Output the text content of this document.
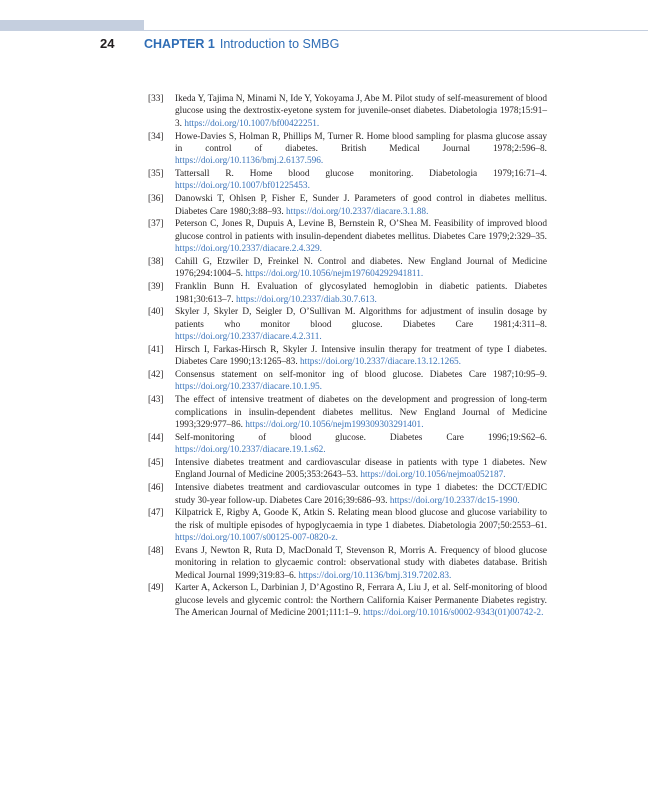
24	CHAPTER 1 Introduction to SMBG
[33] Ikeda Y, Tajima N, Minami N, Ide Y, Yokoyama J, Abe M. Pilot study of self-measurement of blood glucose using the dextrostix-eyetone system for juvenile-onset diabetes. Diabetologia 1978;15:91–3. https://doi.org/10.1007/bf00422251.
[34] Howe-Davies S, Holman R, Phillips M, Turner R. Home blood sampling for plasma glucose assay in control of diabetes. British Medical Journal 1978;2:596–8. https://doi.org/10.1136/bmj.2.6137.596.
[35] Tattersall R. Home blood glucose monitoring. Diabetologia 1979;16:71–4. https://doi.org/10.1007/bf01225453.
[36] Danowski T, Ohlsen P, Fisher E, Sunder J. Parameters of good control in diabetes mellitus. Diabetes Care 1980;3:88–93. https://doi.org/10.2337/diacare.3.1.88.
[37] Peterson C, Jones R, Dupuis A, Levine B, Bernstein R, O’Shea M. Feasibility of improved blood glucose control in patients with insulin-dependent diabetes mellitus. Diabetes Care 1979;2:329–35. https://doi.org/10.2337/diacare.2.4.329.
[38] Cahill G, Etzwiler D, Freinkel N. Control and diabetes. New England Journal of Medicine 1976;294:1004–5. https://doi.org/10.1056/nejm197604292941811.
[39] Franklin Bunn H. Evaluation of glycosylated hemoglobin in diabetic patients. Diabetes 1981;30:613–7. https://doi.org/10.2337/diab.30.7.613.
[40] Skyler J, Skyler D, Seigler D, O’Sullivan M. Algorithms for adjustment of insulin dosage by patients who monitor blood glucose. Diabetes Care 1981;4:311–8. https://doi.org/10.2337/diacare.4.2.311.
[41] Hirsch I, Farkas-Hirsch R, Skyler J. Intensive insulin therapy for treatment of type I diabetes. Diabetes Care 1990;13:1265–83. https://doi.org/10.2337/diacare.13.12.1265.
[42] Consensus statement on self-monitor ing of blood glucose. Diabetes Care 1987;10:95–9. https://doi.org/10.2337/diacare.10.1.95.
[43] The effect of intensive treatment of diabetes on the development and progression of long-term complications in insulin-dependent diabetes mellitus. New England Journal of Medicine 1993;329:977–86. https://doi.org/10.1056/nejm199309303291401.
[44] Self-monitoring of blood glucose. Diabetes Care 1996;19:S62–6. https://doi.org/10.2337/diacare.19.1.s62.
[45] Intensive diabetes treatment and cardiovascular disease in patients with type 1 diabetes. New England Journal of Medicine 2005;353:2643–53. https://doi.org/10.1056/nejmoa052187.
[46] Intensive diabetes treatment and cardiovascular outcomes in type 1 diabetes: the DCCT/EDIC study 30-year follow-up. Diabetes Care 2016;39:686–93. https://doi.org/10.2337/dc15-1990.
[47] Kilpatrick E, Rigby A, Goode K, Atkin S. Relating mean blood glucose and glucose variability to the risk of multiple episodes of hypoglycaemia in type 1 diabetes. Diabetologia 2007;50:2553–61. https://doi.org/10.1007/s00125-007-0820-z.
[48] Evans J, Newton R, Ruta D, MacDonald T, Stevenson R, Morris A. Frequency of blood glucose monitoring in relation to glycaemic control: observational study with diabetes database. British Medical Journal 1999;319:83–6. https://doi.org/10.1136/bmj.319.7202.83.
[49] Karter A, Ackerson L, Darbinian J, D’Agostino R, Ferrara A, Liu J, et al. Self-monitoring of blood glucose levels and glycemic control: the Northern California Kaiser Permanente Diabetes registry. The American Journal of Medicine 2001;111:1–9. https://doi.org/10.1016/s0002-9343(01)00742-2.
